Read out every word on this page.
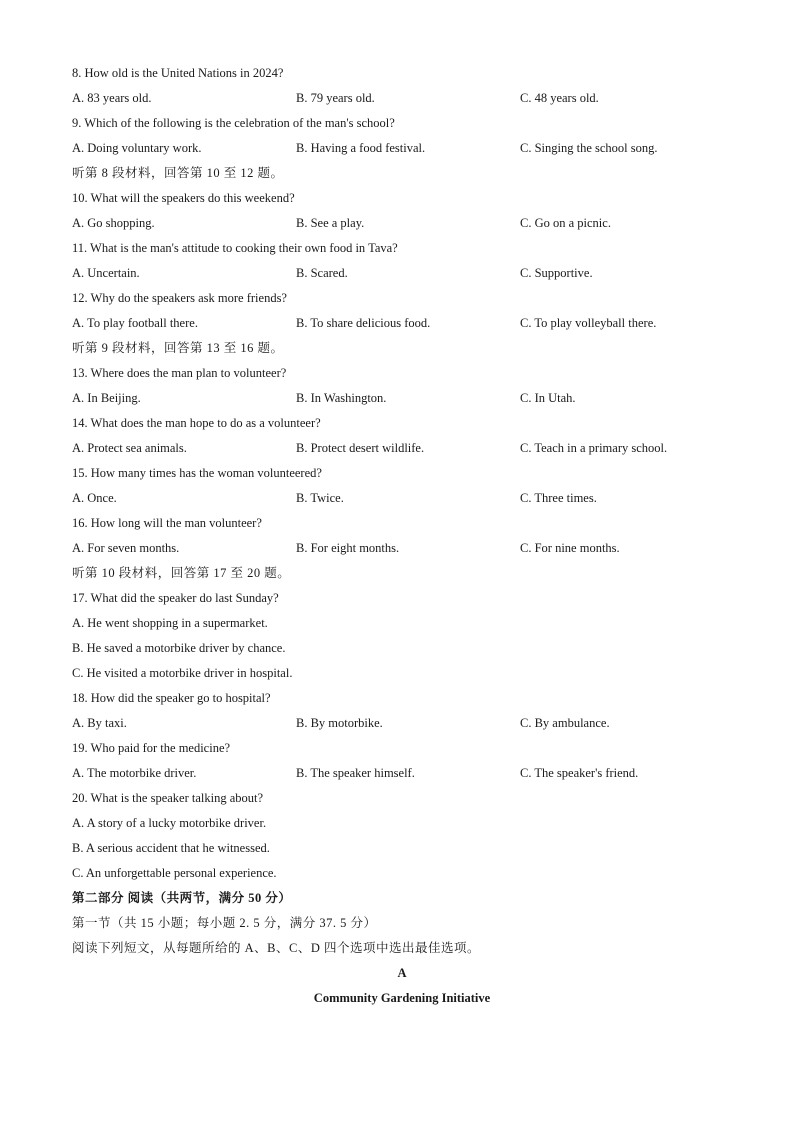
8. How old is the United Nations in 2024?
A. 83 years old.	B. 79 years old.	C. 48 years old.
9. Which of the following is the celebration of the man's school?
A. Doing voluntary work.	B. Having a food festival.	C. Singing the school song.
听第 8 段材料，回答第 10 至 12 题。
10. What will the speakers do this weekend?
A. Go shopping.	B. See a play.	C. Go on a picnic.
11. What is the man's attitude to cooking their own food in Tava?
A. Uncertain.	B. Scared.	C. Supportive.
12. Why do the speakers ask more friends?
A. To play football there.	B. To share delicious food.	C. To play volleyball there.
听第 9 段材料，回答第 13 至 16 题。
13. Where does the man plan to volunteer?
A. In Beijing.	B. In Washington.	C. In Utah.
14. What does the man hope to do as a volunteer?
A. Protect sea animals.	B. Protect desert wildlife.	C. Teach in a primary school.
15. How many times has the woman volunteered?
A. Once.	B. Twice.	C. Three times.
16. How long will the man volunteer?
A. For seven months.	B. For eight months.	C. For nine months.
听第 10 段材料，回答第 17 至 20 题。
17. What did the speaker do last Sunday?
A. He went shopping in a supermarket.
B. He saved a motorbike driver by chance.
C. He visited a motorbike driver in hospital.
18. How did the speaker go to hospital?
A. By taxi.	B. By motorbike.	C. By ambulance.
19. Who paid for the medicine?
A. The motorbike driver.	B. The speaker himself.	C. The speaker's friend.
20. What is the speaker talking about?
A. A story of a lucky motorbike driver.
B. A serious accident that he witnessed.
C. An unforgettable personal experience.
第二部分 阅读（共两节，满分 50 分）
第一节（共 15 小题；每小题 2. 5 分，满分 37. 5 分）
阅读下列短文，从每题所给的 A、B、C、D 四个选项中选出最佳选项。
A
Community Gardening Initiative
